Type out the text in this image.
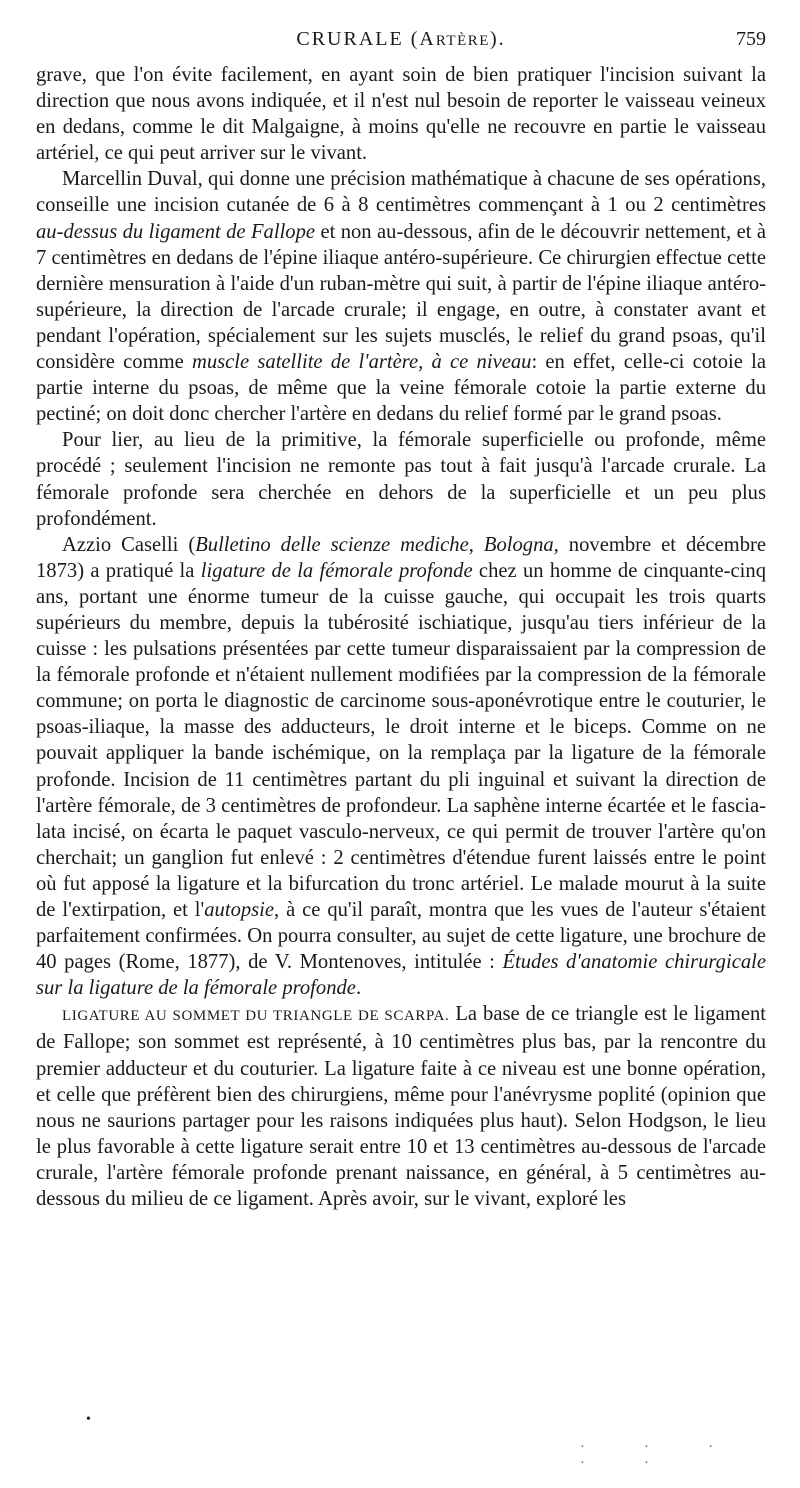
CRURALE (ARTÈRE).	759

grave, que l'on évite facilement, en ayant soin de bien pratiquer l'incision suivant la direction que nous avons indiquée, et il n'est nul besoin de reporter le vaisseau veineux en dedans, comme le dit Malgaigne, à moins qu'elle ne recouvre en partie le vaisseau artériel, ce qui peut arriver sur le vivant.

Marcellin Duval, qui donne une précision mathématique à chacune de ses opérations, conseille une incision cutanée de 6 à 8 centimètres commençant à 1 ou 2 centimètres au-dessus du ligament de Fallope et non au-dessous, afin de le découvrir nettement, et à 7 centimètres en dedans de l'épine iliaque antéro-supérieure. Ce chirurgien effectue cette dernière mensuration à l'aide d'un ruban-mètre qui suit, à partir de l'épine iliaque antéro-supérieure, la direction de l'arcade crurale; il engage, en outre, à constater avant et pendant l'opération, spécialement sur les sujets musclés, le relief du grand psoas, qu'il considère comme muscle satellite de l'artère, à ce niveau: en effet, celle-ci cotoie la partie interne du psoas, de même que la veine fémorale cotoie la partie externe du pectiné; on doit donc chercher l'artère en dedans du relief formé par le grand psoas.

Pour lier, au lieu de la primitive, la fémorale superficielle ou profonde, même procédé ; seulement l'incision ne remonte pas tout à fait jusqu'à l'arcade crurale. La fémorale profonde sera cherchée en dehors de la superficielle et un peu plus profondément.

Azzio Caselli (Bulletino delle scienze mediche, Bologna, novembre et décembre 1873) a pratiqué la ligature de la fémorale profonde chez un homme de cinquante-cinq ans, portant une énorme tumeur de la cuisse gauche, qui occupait les trois quarts supérieurs du membre, depuis la tubérosité ischiatique, jusqu'au tiers inférieur de la cuisse : les pulsations présentées par cette tumeur disparaissaient par la compression de la fémorale profonde et n'étaient nullement modifiées par la compression de la fémorale commune; on porta le diagnostic de carcinome sous-aponévrotique entre le couturier, le psoas-iliaque, la masse des adducteurs, le droit interne et le biceps. Comme on ne pouvait appliquer la bande ischémique, on la remplaça par la ligature de la fémorale profonde. Incision de 11 centimètres partant du pli inguinal et suivant la direction de l'artère fémorale, de 3 centimètres de profondeur. La saphène interne écartée et le fascia-lata incisé, on écarta le paquet vasculo-nerveux, ce qui permit de trouver l'artère qu'on cherchait; un ganglion fut enlevé : 2 centimètres d'étendue furent laissés entre le point où fut apposé la ligature et la bifurcation du tronc artériel. Le malade mourut à la suite de l'extirpation, et l'autopsie, à ce qu'il paraît, montra que les vues de l'auteur s'étaient parfaitement confirmées. On pourra consulter, au sujet de cette ligature, une brochure de 40 pages (Rome, 1877), de V. Montenoves, intitulée : Études d'anatomie chirurgicale sur la ligature de la fémorale profonde.

LIGATURE AU SOMMET DU TRIANGLE DE SCARPA. La base de ce triangle est le ligament de Fallope; son sommet est représenté, à 10 centimètres plus bas, par la rencontre du premier adducteur et du couturier. La ligature faite à ce niveau est une bonne opération, et celle que préfèrent bien des chirurgiens, même pour l'anévrysme poplité (opinion que nous ne saurions partager pour les raisons indiquées plus haut). Selon Hodgson, le lieu le plus favorable à cette ligature serait entre 10 et 13 centimètres au-dessous de l'arcade crurale, l'artère fémorale profonde prenant naissance, en général, à 5 centimètres au-dessous du milieu de ce ligament. Après avoir, sur le vivant, exploré les

•
· · · · ·
